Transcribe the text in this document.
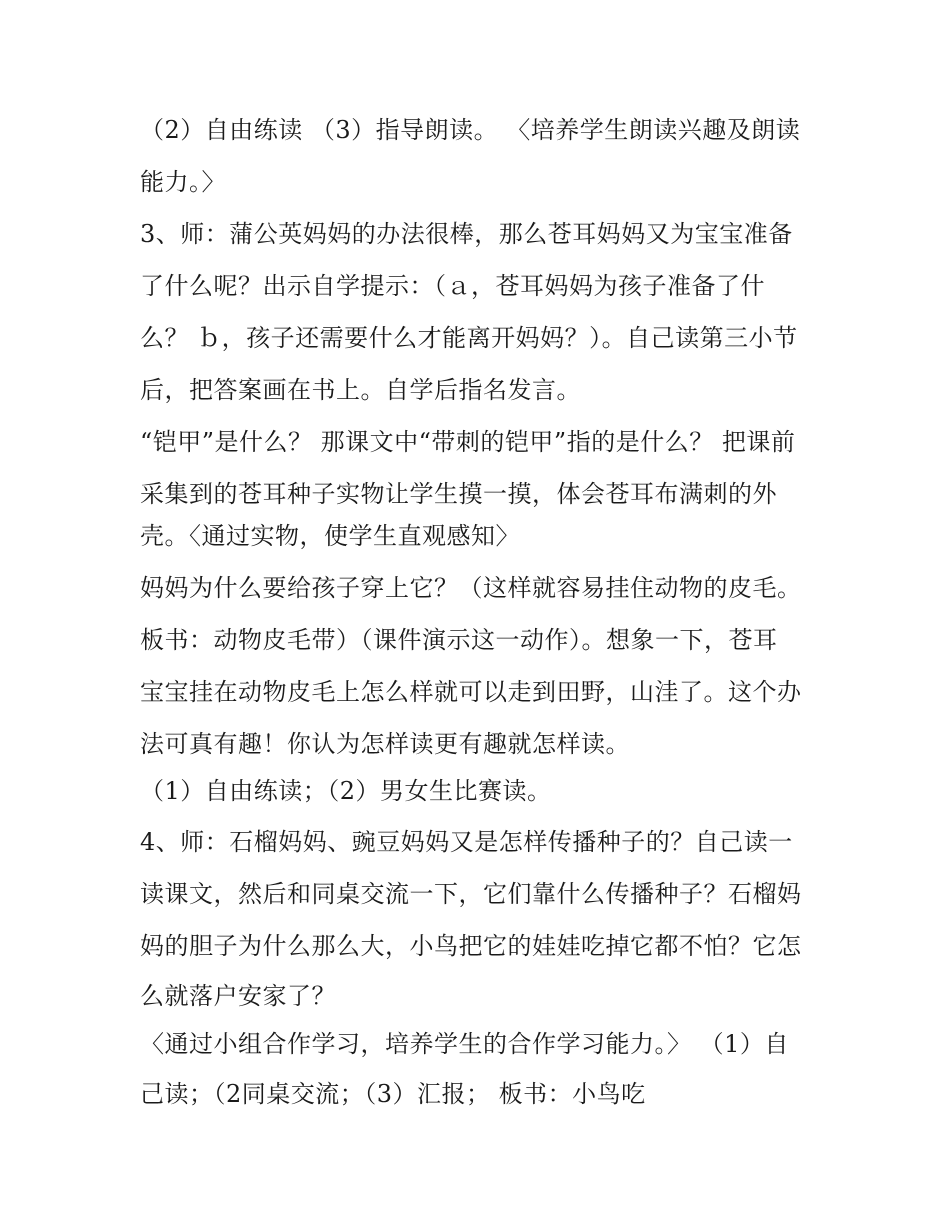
（2）自由练读 （3）指导朗读。 〈培养学生朗读兴趣及朗读

能力。〉

3、师：蒲公英妈妈的办法很棒，那么苍耳妈妈又为宝宝准备

了什么呢？出示自学提示：（ａ，苍耳妈妈为孩子准备了什

么？ ｂ，孩子还需要什么才能离开妈妈？）。自己读第三小节

后，把答案画在书上。自学后指名发言。

“铠甲”是什么？ 那课文中“带刺的铠甲”指的是什么？ 把课前

采集到的苍耳种子实物让学生摸一摸，体会苍耳布满刺的外

壳。〈通过实物，使学生直观感知〉

妈妈为什么要给孩子穿上它？（这样就容易挂住动物的皮毛。

板书：动物皮毛带）（课件演示这一动作）。想象一下，苍耳

宝宝挂在动物皮毛上怎么样就可以走到田野，山洼了。这个办

法可真有趣！你认为怎样读更有趣就怎样读。

（1）自由练读；（2）男女生比赛读。

4、师：石榴妈妈、豌豆妈妈又是怎样传播种子的？自己读一

读课文，然后和同桌交流一下，它们靠什么传播种子？石榴妈

妈的胆子为什么那么大，小鸟把它的娃娃吃掉它都不怕？它怎

么就落户安家了？

〈通过小组合作学习，培养学生的合作学习能力。〉 （1）自

己读；（2同桌交流；（3）汇报； 板书：小鸟吃
